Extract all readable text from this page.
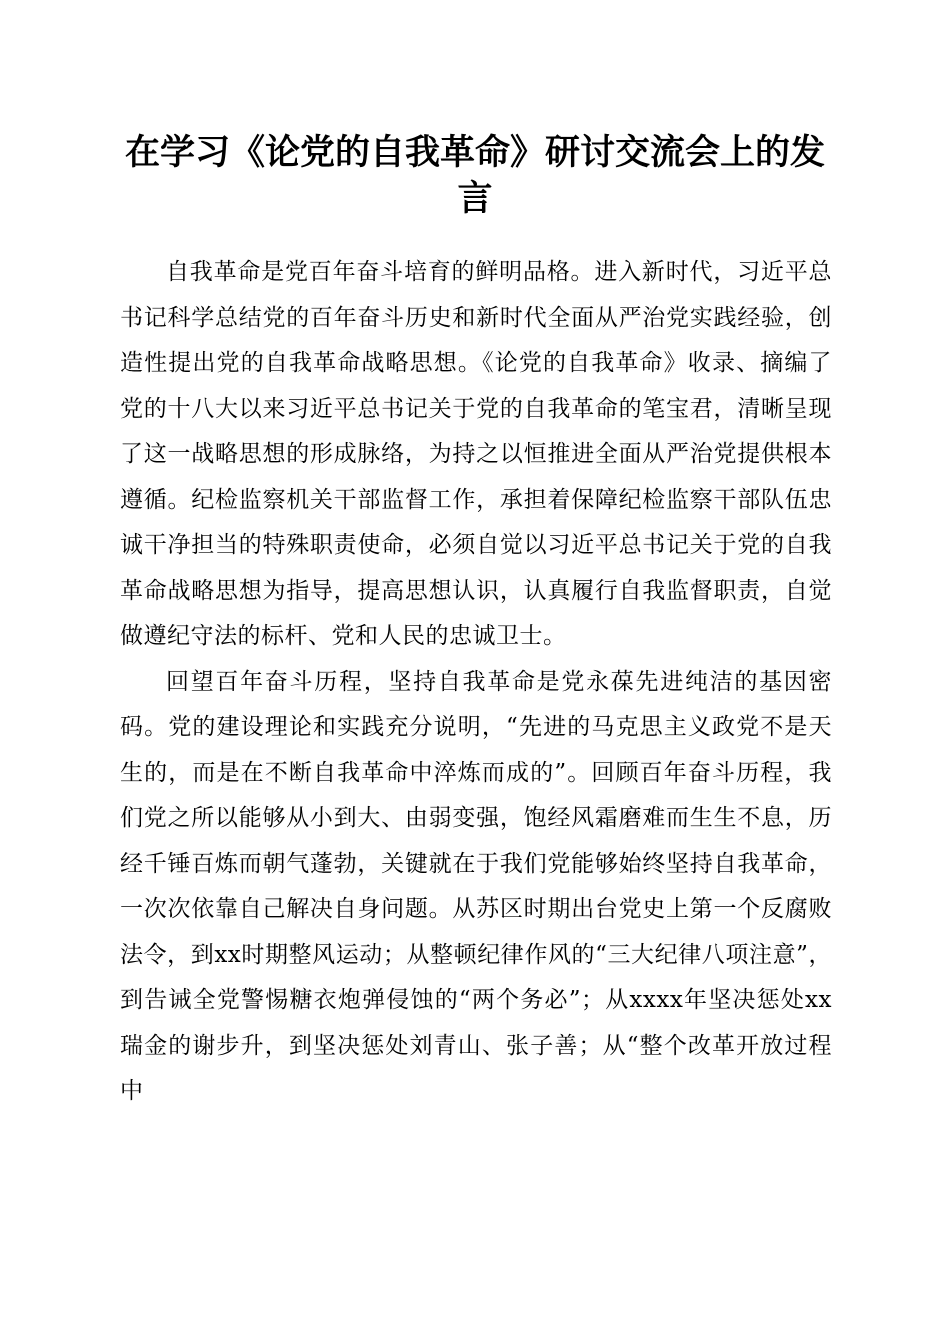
在学习《论党的自我革命》研讨交流会上的发言

自我革命是党百年奋斗培育的鲜明品格。进入新时代，习近平总书记科学总结党的百年奋斗历史和新时代全面从严治党实践经验，创造性提出党的自我革命战略思想。《论党的自我革命》收录、摘编了党的十八大以来习近平总书记关于党的自我革命的笔宝君，清晰呈现了这一战略思想的形成脉络，为持之以恒推进全面从严治党提供根本遵循。纪检监察机关干部监督工作，承担着保障纪检监察干部队伍忠诚干净担当的特殊职责使命，必须自觉以习近平总书记关于党的自我革命战略思想为指导，提高思想认识，认真履行自我监督职责，自觉做遵纪守法的标杆、党和人民的忠诚卫士。

回望百年奋斗历程，坚持自我革命是党永葆先进纯洁的基因密码。党的建设理论和实践充分说明，“先进的马克思主义政党不是天生的，而是在不断自我革命中淬炼而成的”。回顾百年奋斗历程，我们党之所以能够从小到大、由弱变强，饱经风霜磨难而生生不息，历经千锤百炼而朝气蓬勃，关键就在于我们党能够始终坚持自我革命，一次次依靠自己解决自身问题。从苏区时期出台党史上第一个反腐败法令，到xx时期整风运动；从整顿纪律作风的“三大纪律八项注意”，到告诫全党警惕糖衣炮弹侵蚀的“两个务必”；从xxxx年坚决惩处xx瑞金的谢步升，到坚决惩处刘青山、张子善；从“整个改革开放过程中
